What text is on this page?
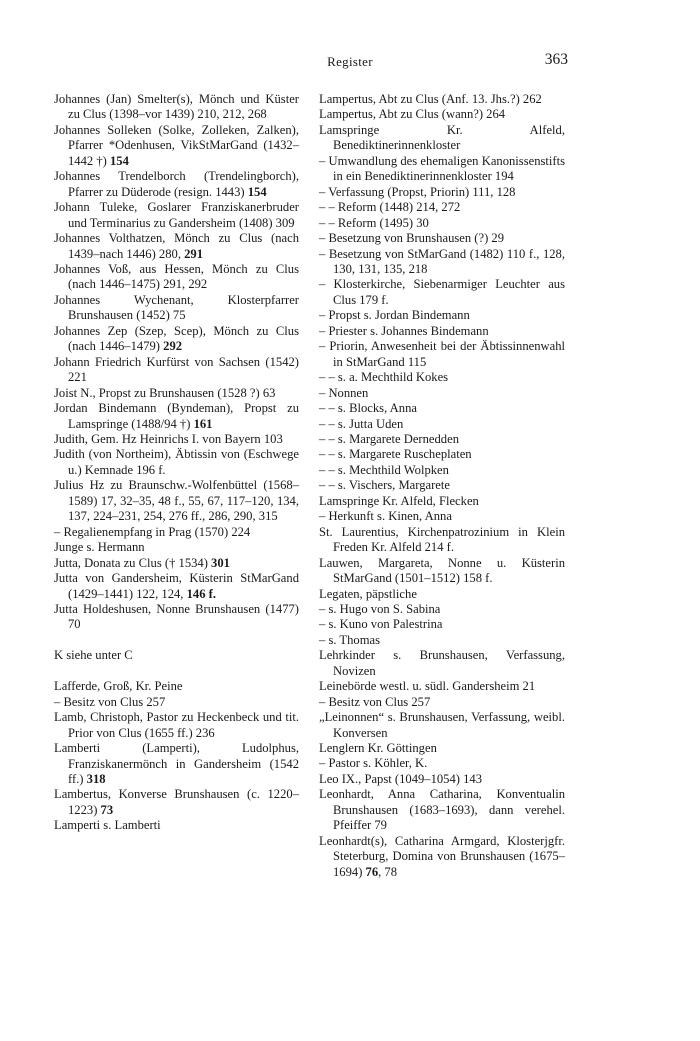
Register	363
Johannes (Jan) Smelter(s), Mönch und Küster zu Clus (1398–vor 1439) 210, 212, 268
Johannes Solleken (Solke, Zolleken, Zalken), Pfarrer *Odenhusen, VikStMarGand (1432–1442 †) 154
Johannes Trendelborch (Trendelingborch), Pfarrer zu Düderode (resign. 1443) 154
Johann Tuleke, Goslarer Franziskanerbruder und Terminarius zu Gandersheim (1408) 309
Johannes Volthatzen, Mönch zu Clus (nach 1439–nach 1446) 280, 291
Johannes Voß, aus Hessen, Mönch zu Clus (nach 1446–1475) 291, 292
Johannes Wychenant, Klosterpfarrer Brunshausen (1452) 75
Johannes Zep (Szep, Scep), Mönch zu Clus (nach 1446–1479) 292
Johann Friedrich Kurfürst von Sachsen (1542) 221
Joist N., Propst zu Brunshausen (1528 ?) 63
Jordan Bindemann (Byndeman), Propst zu Lamspringe (1488/94 †) 161
Judith, Gem. Hz Heinrichs I. von Bayern 103
Judith (von Northeim), Äbtissin von (Eschwege u.) Kemnade 196 f.
Julius Hz zu Braunschw.-Wolfenbüttel (1568–1589) 17, 32–35, 48 f., 55, 67, 117–120, 134, 137, 224–231, 254, 276 ff., 286, 290, 315
– Regalienempfang in Prag (1570) 224
Junge s. Hermann
Jutta, Donata zu Clus († 1534) 301
Jutta von Gandersheim, Küsterin StMarGand (1429–1441) 122, 124, 146 f.
Jutta Holdeshusen, Nonne Brunshausen (1477) 70
K siehe unter C
Lafferde, Groß, Kr. Peine
– Besitz von Clus 257
Lamb, Christoph, Pastor zu Heckenbeck und tit. Prior von Clus (1655 ff.) 236
Lamberti (Lamperti), Ludolphus, Franziskanermönch in Gandersheim (1542 ff.) 318
Lambertus, Konverse Brunshausen (c. 1220–1223) 73
Lamperti s. Lamberti
Lampertus, Abt zu Clus (Anf. 13. Jhs.?) 262
Lampertus, Abt zu Clus (wann?) 264
Lamspringe Kr. Alfeld, Benediktinerinnenkloster
– Umwandlung des ehemaligen Kanonissenstifts in ein Benediktinerinnenkloster 194
– Verfassung (Propst, Priorin) 111, 128
– – Reform (1448) 214, 272
– – Reform (1495) 30
– Besetzung von Brunshausen (?) 29
– Besetzung von StMarGand (1482) 110 f., 128, 130, 131, 135, 218
– Klosterkirche, Siebenarmiger Leuchter aus Clus 179 f.
– Propst s. Jordan Bindemann
– Priester s. Johannes Bindemann
– Priorin, Anwesenheit bei der Äbtissinnenwahl in StMarGand 115
– – s. a. Mechthild Kokes
– Nonnen
– – s. Blocks, Anna
– – s. Jutta Uden
– – s. Margarete Dernedden
– – s. Margarete Ruscheplaten
– – s. Mechthild Wolpken
– – s. Vischers, Margarete
Lamspringe Kr. Alfeld, Flecken
– Herkunft s. Kinen, Anna
St. Laurentius, Kirchenpatrozinium in Klein Freden Kr. Alfeld 214 f.
Lauwen, Margareta, Nonne u. Küsterin StMarGand (1501–1512) 158 f.
Legaten, päpstliche
– s. Hugo von S. Sabina
– s. Kuno von Palestrina
– s. Thomas
Lehrkinder s. Brunshausen, Verfassung, Novizen
Leinebörde westl. u. südl. Gandersheim 21
– Besitz von Clus 257
„Leinonnen“ s. Brunshausen, Verfassung, weibl. Konversen
Lenglern Kr. Göttingen
– Pastor s. Köhler, K.
Leo IX., Papst (1049–1054) 143
Leonhardt, Anna Catharina, Konventualin Brunshausen (1683–1693), dann verehel. Pfeiffer 79
Leonhardt(s), Catharina Armgard, Klosterjgfr. Steterburg, Domina von Brunshausen (1675–1694) 76, 78
